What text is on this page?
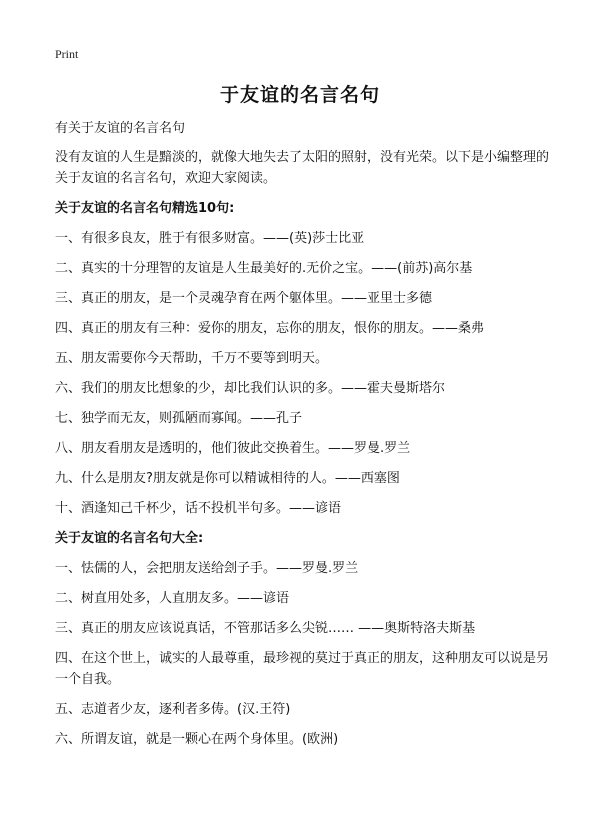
Print
于友谊的名言名句

有关于友谊的名言名句

没有友谊的人生是黯淡的，就像大地失去了太阳的照射，没有光荣。以下是小编整理的关于友谊的名言名句，欢迎大家阅读。

关于友谊的名言名句精选10句:

一、有很多良友，胜于有很多财富。——(英)莎士比亚
二、真实的十分理智的友谊是人生最美好的.无价之宝。——(前苏)高尔基
三、真正的朋友，是一个灵魂孕育在两个躯体里。——亚里士多德
四、真正的朋友有三种：爱你的朋友，忘你的朋友，恨你的朋友。——桑弗
五、朋友需要你今天帮助，千万不要等到明天。
六、我们的朋友比想象的少，却比我们认识的多。——霍夫曼斯塔尔
七、独学而无友，则孤陋而寡闻。——孔子
八、朋友看朋友是透明的，他们彼此交换着生。——罗曼.罗兰
九、什么是朋友?朋友就是你可以精诚相待的人。——西塞图
十、酒逢知己千杯少，话不投机半句多。——谚语

关于友谊的名言名句大全:

一、怯儒的人，会把朋友送给刽子手。——罗曼.罗兰
二、树直用处多，人直朋友多。——谚语
三、真正的朋友应该说真话，不管那话多么尖锐…… ——奥斯特洛夫斯基
四、在这个世上，诚实的人最尊重，最珍视的莫过于真正的朋友，这种朋友可以说是另一个自我。
五、志道者少友，逐利者多俦。(汉.王符)
六、所谓友谊，就是一颗心在两个身体里。(欧洲)
